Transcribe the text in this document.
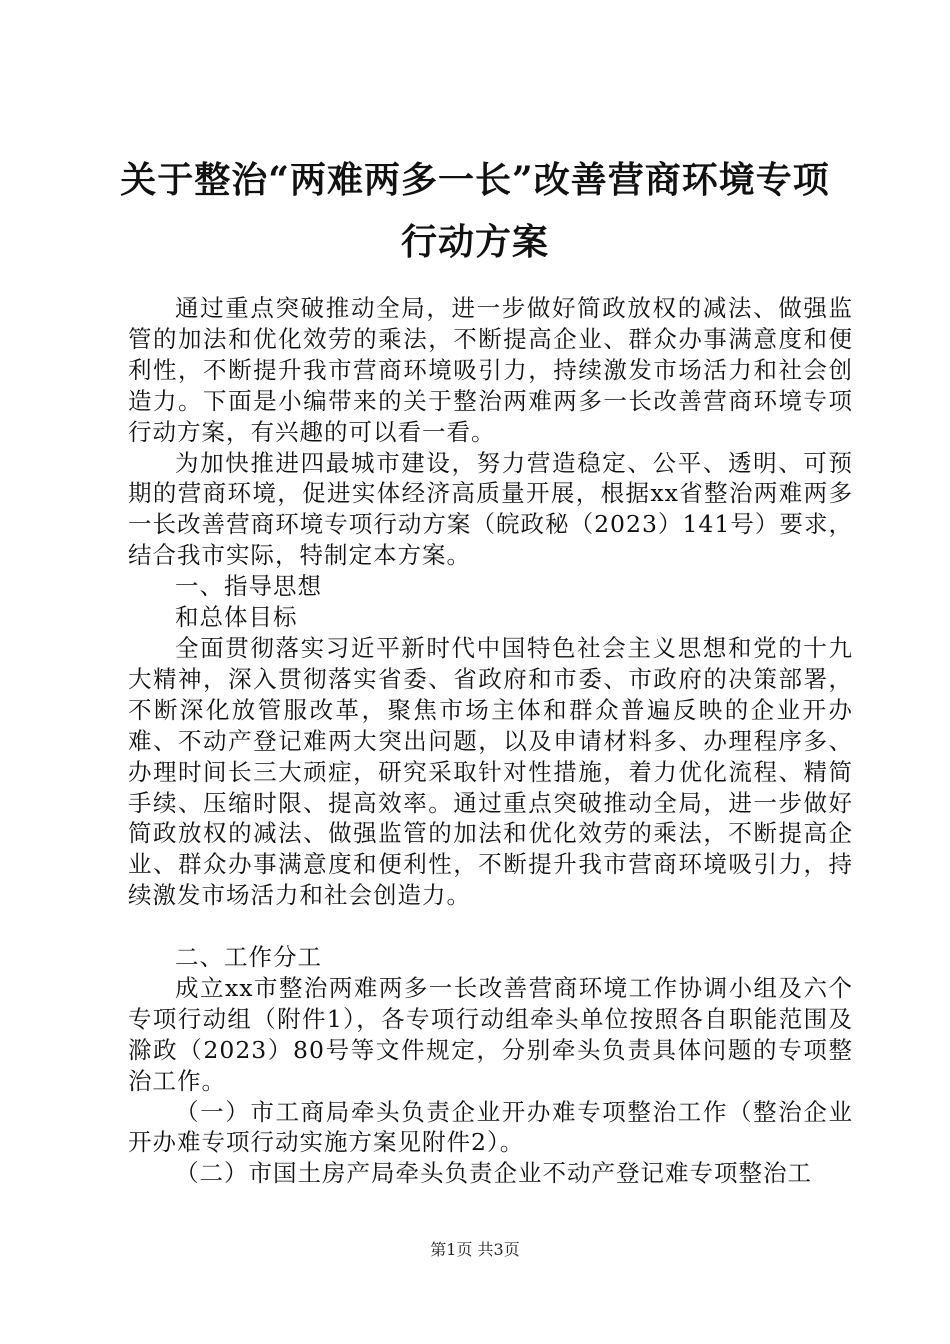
关于整治“两难两多一长”改善营商环境专项
行动方案

通过重点突破推动全局，进一步做好简政放权的减法、做强监管的加法和优化效劳的乘法，不断提高企业、群众办事满意度和便利性，不断提升我市营商环境吸引力，持续激发市场活力和社会创造力。下面是小编带来的关于整治两难两多一长改善营商环境专项行动方案，有兴趣的可以看一看。

为加快推进四最城市建设，努力营造稳定、公平、透明、可预期的营商环境，促进实体经济高质量开展，根据xx省整治两难两多一长改善营商环境专项行动方案（皖政秘（2023）141号）要求，结合我市实际，特制定本方案。

一、指导思想

和总体目标

全面贯彻落实习近平新时代中国特色社会主义思想和党的十九大精神，深入贯彻落实省委、省政府和市委、市政府的决策部署，不断深化放管服改革，聚焦市场主体和群众普遍反映的企业开办难、不动产登记难两大突出问题，以及申请材料多、办理程序多、办理时间长三大顽症，研究采取针对性措施，着力优化流程、精简手续、压缩时限、提高效率。通过重点突破推动全局，进一步做好简政放权的减法、做强监管的加法和优化效劳的乘法，不断提高企业、群众办事满意度和便利性，不断提升我市营商环境吸引力，持续激发市场活力和社会创造力。

二、工作分工

成立xx市整治两难两多一长改善营商环境工作协调小组及六个专项行动组（附件1），各专项行动组牵头单位按照各自职能范围及滁政（2023）80号等文件规定，分别牵头负责具体问题的专项整治工作。

（一）市工商局牵头负责企业开办难专项整治工作（整治企业开办难专项行动实施方案见附件2）。

（二）市国土房产局牵头负责企业不动产登记难专项整治工

第1页 共3页
